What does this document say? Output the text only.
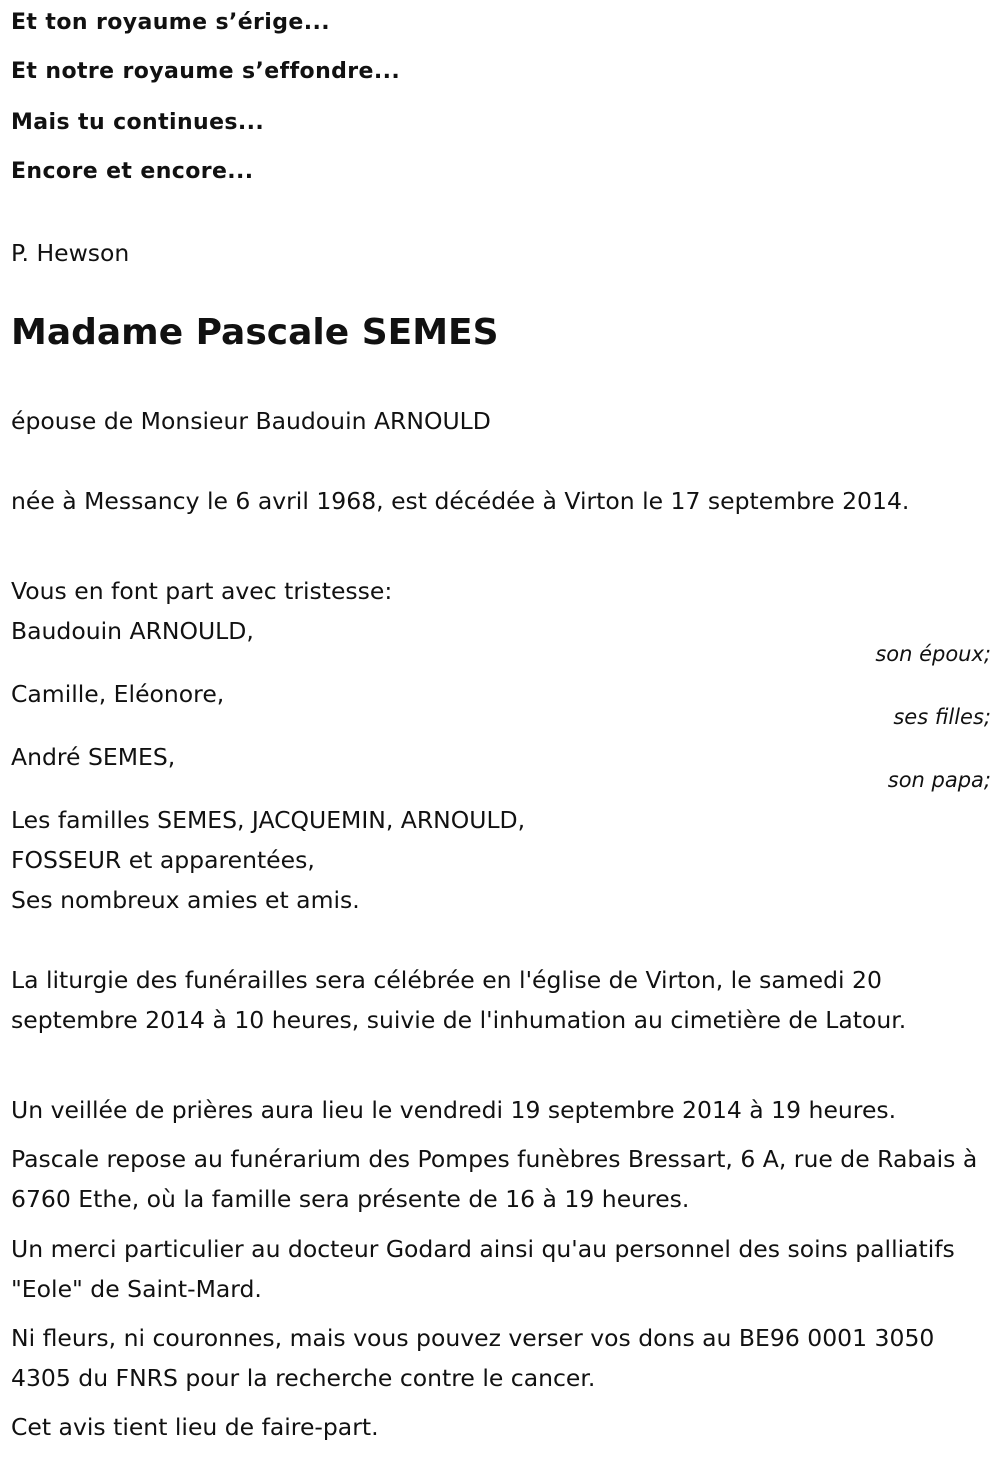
Et ton royaume s’érige...
Et notre royaume s’effondre...
Mais tu continues...
Encore et encore...
P. Hewson
Madame Pascale SEMES
épouse de Monsieur Baudouin ARNOULD
née à Messancy le 6 avril 1968, est décédée à Virton le 17 septembre 2014.
Vous en font part avec tristesse:
Baudouin ARNOULD,
son époux;
Camille, Eléonore,
ses filles;
André SEMES,
son papa;
Les familles SEMES, JACQUEMIN, ARNOULD,
FOSSEUR et apparentées,
Ses nombreux amies et amis.
La liturgie des funérailles sera célébrée en l'église de Virton, le samedi 20 septembre 2014 à 10 heures, suivie de l'inhumation au cimetière de Latour.
Un veillée de prières aura lieu le vendredi 19 septembre 2014 à 19 heures.
Pascale repose au funérarium des Pompes funèbres Bressart, 6 A, rue de Rabais à 6760 Ethe, où la famille sera présente de 16 à 19 heures.
Un merci particulier au docteur Godard ainsi qu'au personnel des soins palliatifs "Eole" de Saint-Mard.
Ni fleurs, ni couronnes, mais vous pouvez verser vos dons au BE96 0001 3050 4305 du FNRS pour la recherche contre le cancer.
Cet avis tient lieu de faire-part.
